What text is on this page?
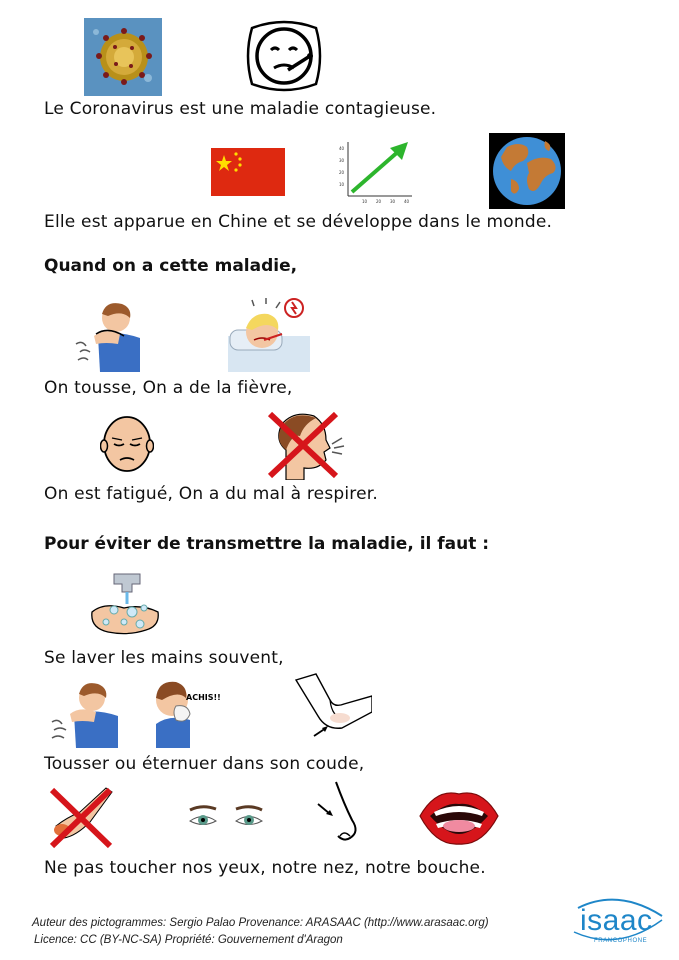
Le Coronavirus est une maladie contagieuse.
40
30
20
10
10 20 30 40
Elle est apparue en Chine et se développe dans le monde.
Quand on a cette maladie,
On tousse, On a de la fièvre,
On est fatigué, On a du mal à respirer.
Pour éviter de transmettre la maladie, il faut :
Se laver les mains souvent,
ACHIS!!
Tousser ou éternuer dans son coude,
Ne pas toucher nos yeux, notre nez, notre bouche.
Auteur des pictogrammes: Sergio Palao Provenance: ARASAAC (http://www.arasaac.org)
Licence: CC (BY-NC-SA) Propriété: Gouvernement d'Aragon
isaac
FRANCOPHONE
